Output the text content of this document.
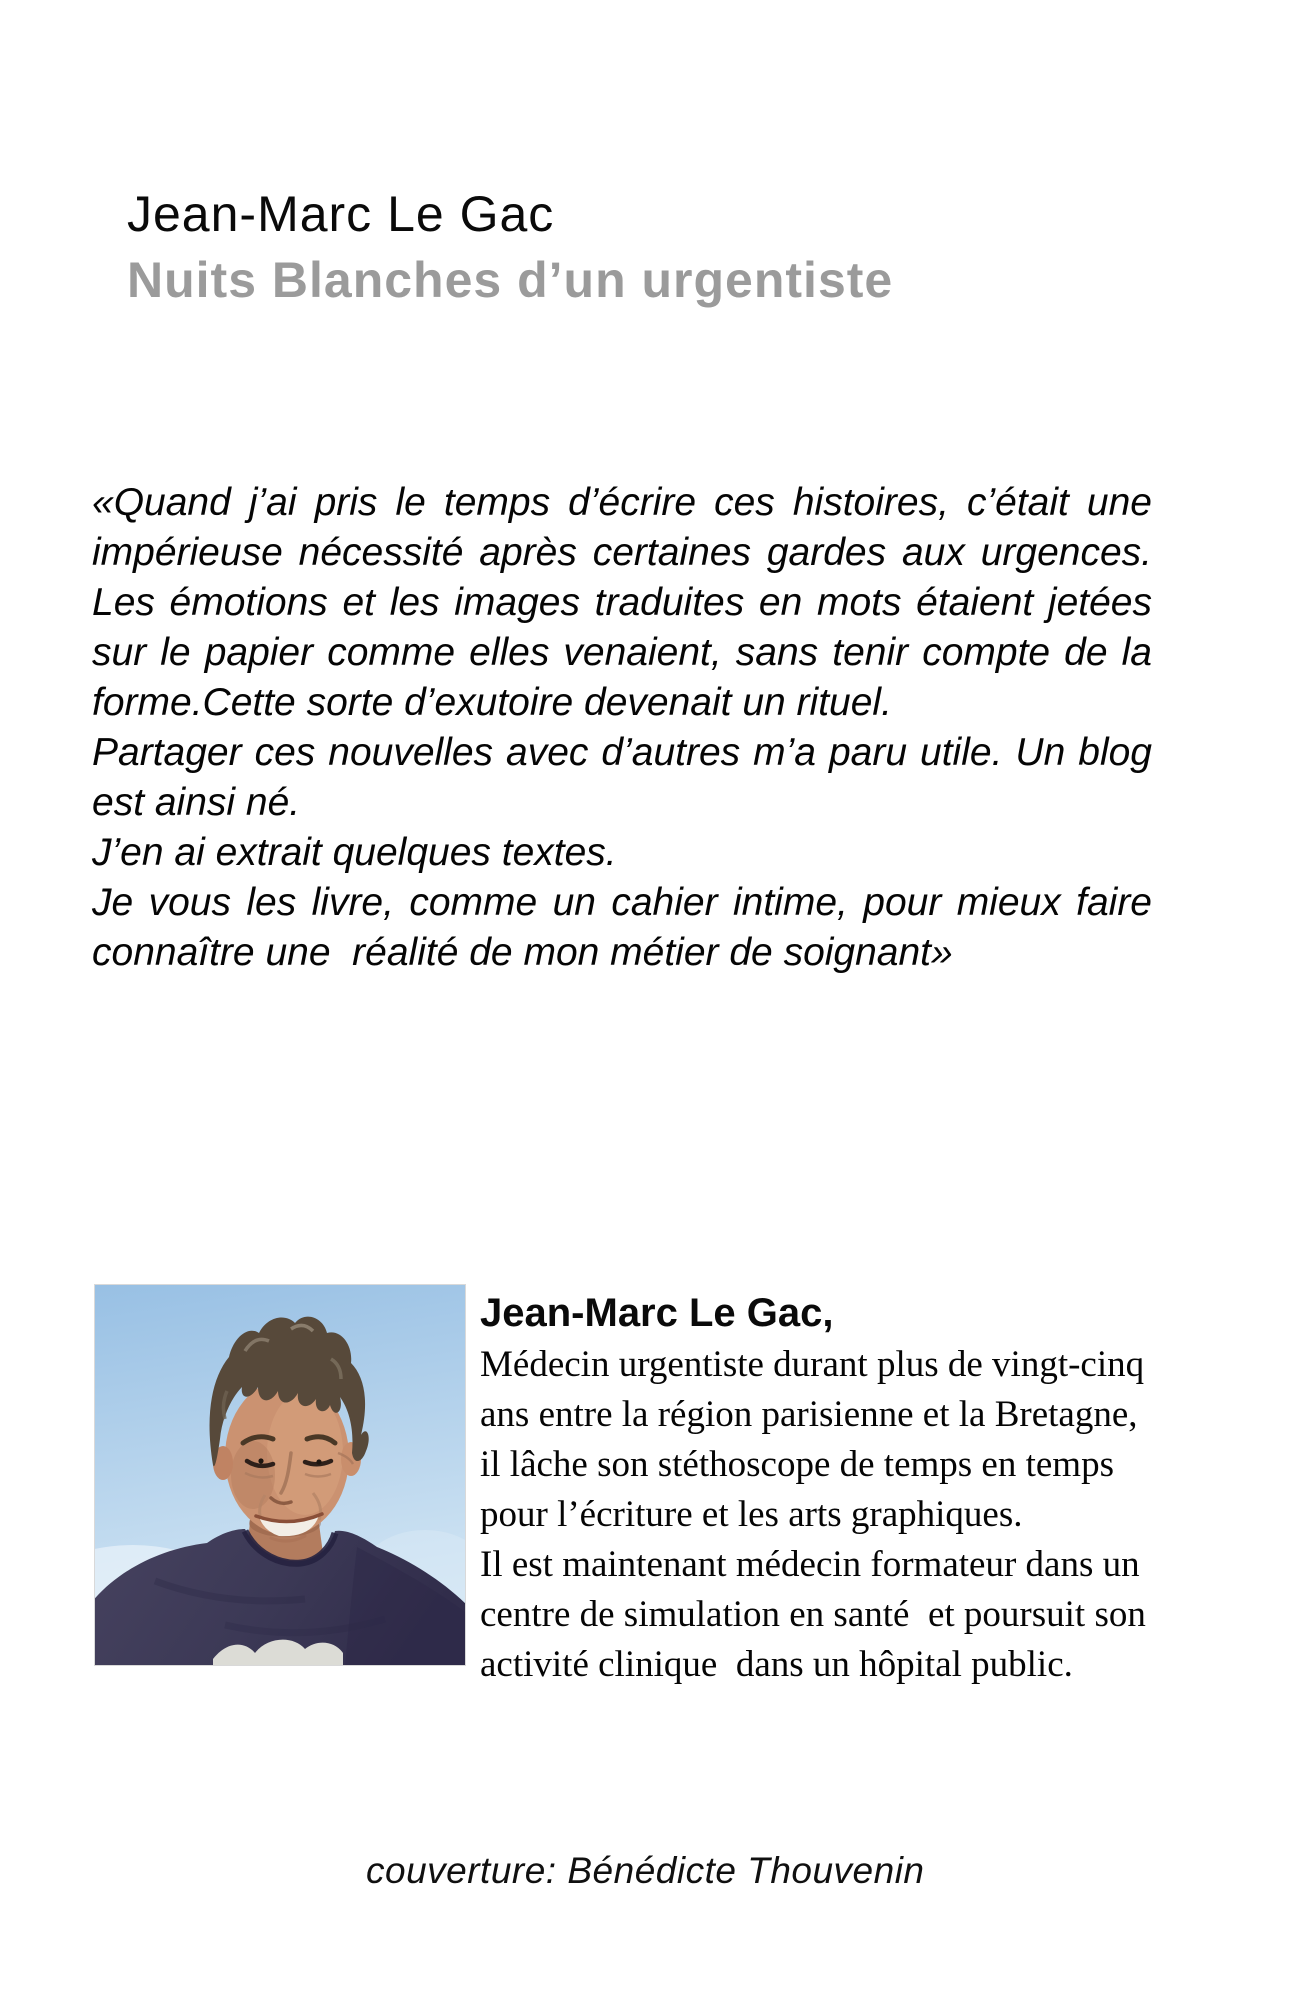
Jean-Marc Le Gac
Nuits Blanches d’un urgentiste
«Quand j’ai pris le temps d’écrire ces histoires, c’était une
impérieuse nécessité après certaines gardes aux urgences.
Les émotions et les images traduites en mots étaient jetées
sur le papier comme elles venaient, sans tenir compte de la
forme.Cette sorte d’exutoire devenait un rituel.
Partager ces nouvelles avec d’autres m’a paru utile. Un blog
est ainsi né.
J’en ai extrait quelques textes.
Je vous les livre, comme un cahier intime, pour mieux faire
connaître une  réalité de mon métier de soignant»
Jean-Marc Le Gac,
Médecin urgentiste durant plus de vingt-cinq
ans entre la région parisienne et la Bretagne,
il lâche son stéthoscope de temps en temps
pour l’écriture et les arts graphiques.
Il est maintenant médecin formateur dans un
centre de simulation en santé  et poursuit son
activité clinique  dans un hôpital public.
couverture: Bénédicte Thouvenin
